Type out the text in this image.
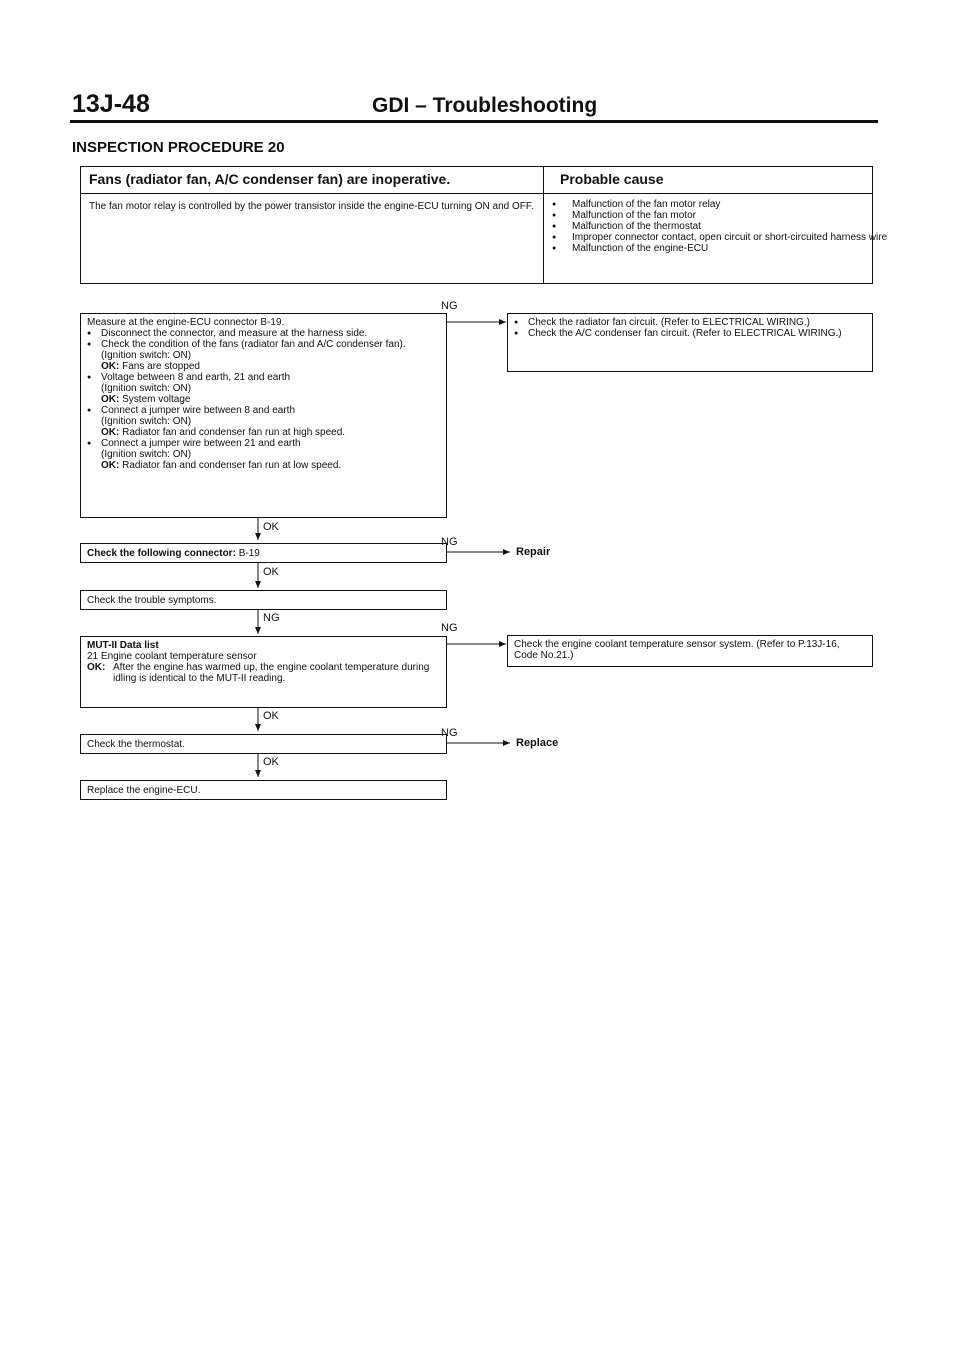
13J-48	GDI – Troubleshooting
INSPECTION PROCEDURE 20
Fans (radiator fan, A/C condenser fan) are inoperative.	Probable cause
The fan motor relay is controlled by the power transistor inside the engine-ECU turning ON and OFF.
●	Malfunction of the fan motor relay
● Malfunction of the fan motor
● Malfunction of the thermostat
● Improper connector contact, open circuit or short-circuited harness wire
● Malfunction of the engine-ECU
Measure at the engine-ECU connector B-19.
● Disconnect the connector, and measure at the harness side.
● Check the condition of the fans (radiator fan and A/C condenser fan). (Ignition switch: ON)
OK: Fans are stopped
● Voltage between 8 and earth, 21 and earth
(Ignition switch: ON)
OK: System voltage
● Connect a jumper wire between 8 and earth
(Ignition switch: ON)
OK: Radiator fan and condenser fan run at high speed.
● Connect a jumper wire between 21 and earth
(Ignition switch: ON)
OK: Radiator fan and condenser fan run at low speed.
NG
● Check the radiator fan circuit. (Refer to ELECTRICAL WIRING.)
● Check the A/C condenser fan circuit. (Refer to ELECTRICAL WIRING.)
OK
Check the following connector: B-19
NG
Repair
OK
Check the trouble symptoms.
NG
MUT-II Data list
21 Engine coolant temperature sensor
OK: After the engine has warmed up, the engine coolant temperature during idling is identical to the MUT-II reading.
NG
Check the engine coolant temperature sensor system. (Refer to P.13J-16, Code No.21.)
OK
Check the thermostat.
NG
Replace
OK
Replace the engine-ECU.
